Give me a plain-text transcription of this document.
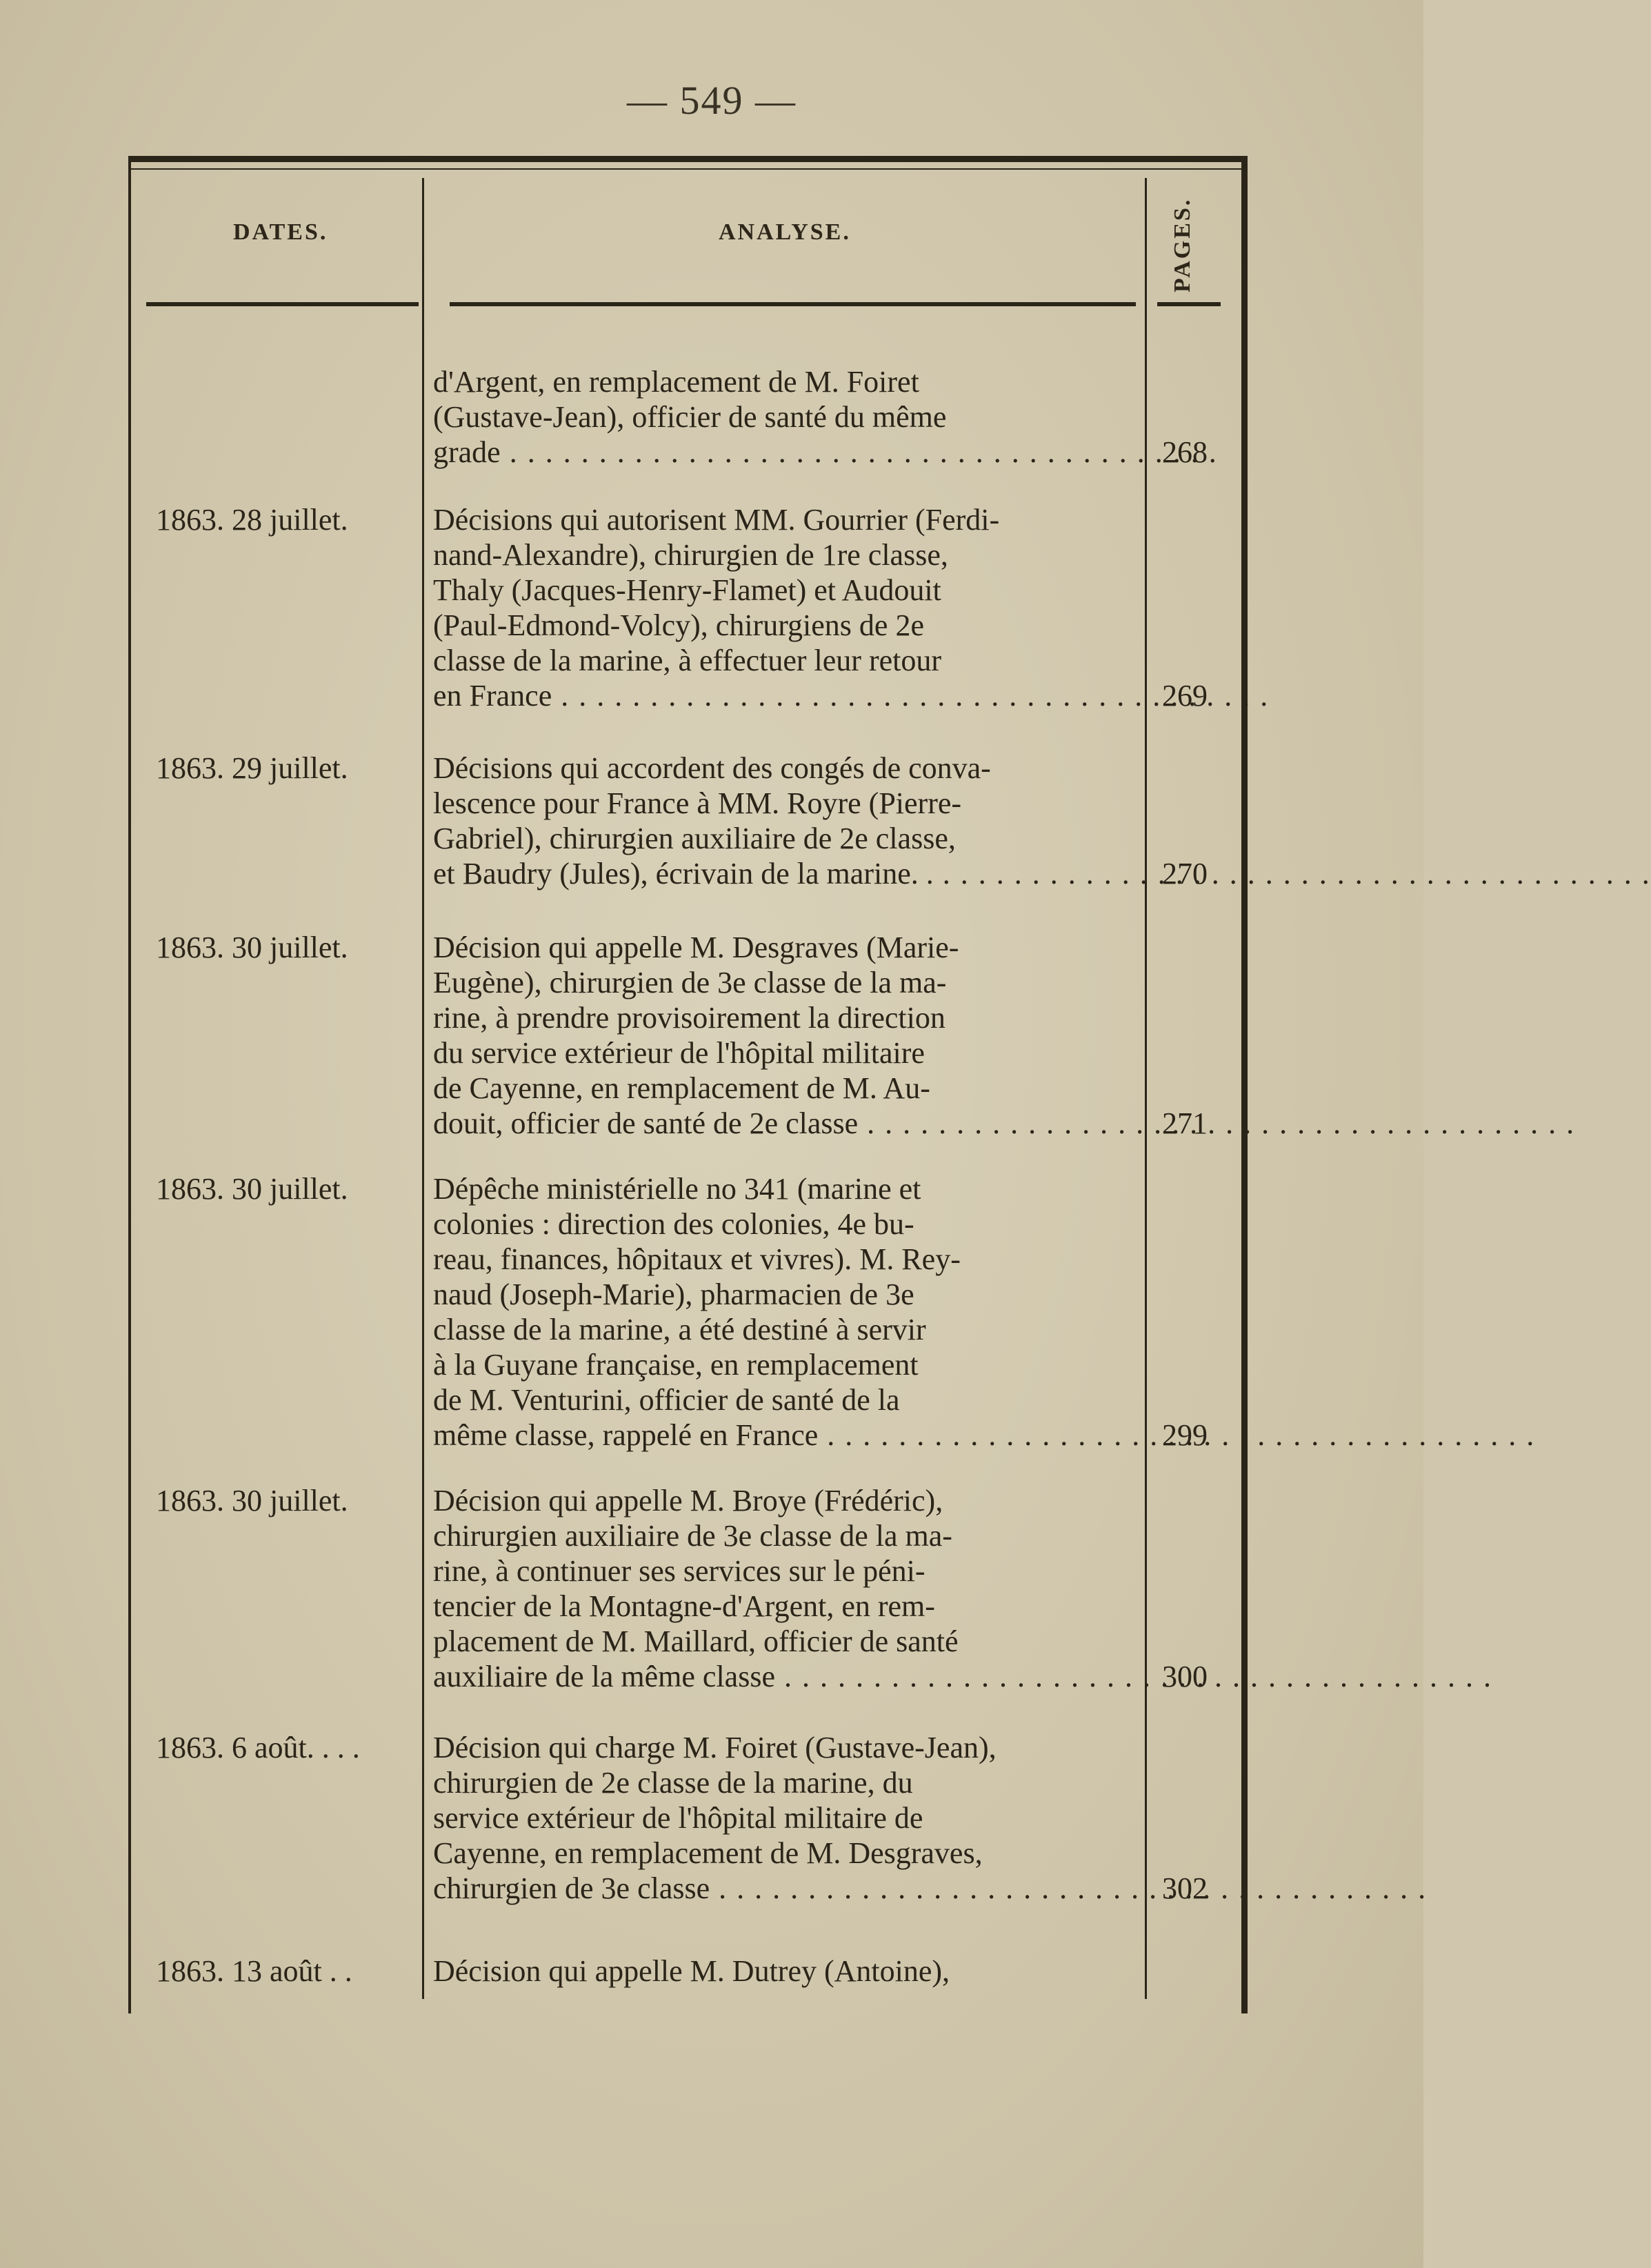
— 549 —
DATES.	ANALYSE.	PAGES.
d'Argent, en remplacement de M. Foiret
(Gustave-Jean), officier de santé du même
grade . . .	268
1863. 28 juillet.	Décisions qui autorisent MM. Gourrier (Ferdi-
nand-Alexandre), chirurgien de 1re classe,
Thaly (Jacques-Henry-Flamet) et Audouit
(Paul-Edmond-Volcy), chirurgiens de 2e
classe de la marine, à effectuer leur retour
en France . . .	269
1863. 29 juillet.	Décisions qui accordent des congés de conva-
lescence pour France à MM. Royre (Pierre-
Gabriel), chirurgien auxiliaire de 2e classe,
et Baudry (Jules), écrivain de la marine. . . . .	270
1863. 30 juillet.	Décision qui appelle M. Desgraves (Marie-
Eugène), chirurgien de 3e classe de la ma-
rine, à prendre provisoirement la direction
du service extérieur de l'hôpital militaire
de Cayenne, en remplacement de M. Au-
douit, officier de santé de 2e classe . . .	271
1863. 30 juillet.	Dépêche ministérielle no 341 (marine et
colonies : direction des colonies, 4e bu-
reau, finances, hôpitaux et vivres). M. Rey-
naud (Joseph-Marie), pharmacien de 3e
classe de la marine, a été destiné à servir
à la Guyane française, en remplacement
de M. Venturini, officier de santé de la
même classe, rappelé en France . . .	299
1863. 30 juillet.	Décision qui appelle M. Broye (Frédéric),
chirurgien auxiliaire de 3e classe de la ma-
rine, à continuer ses services sur le péni-
tencier de la Montagne-d'Argent, en rem-
placement de M. Maillard, officier de santé
auxiliaire de la même classe . . .	300
1863. 6 août. . . . Décision qui charge M. Foiret (Gustave-Jean),
chirurgien de 2e classe de la marine, du
service extérieur de l'hôpital militaire de
Cayenne, en remplacement de M. Desgraves,
chirurgien de 3e classe . . .	302
1863. 13 août . .	Décision qui appelle M. Dutrey (Antoine),
